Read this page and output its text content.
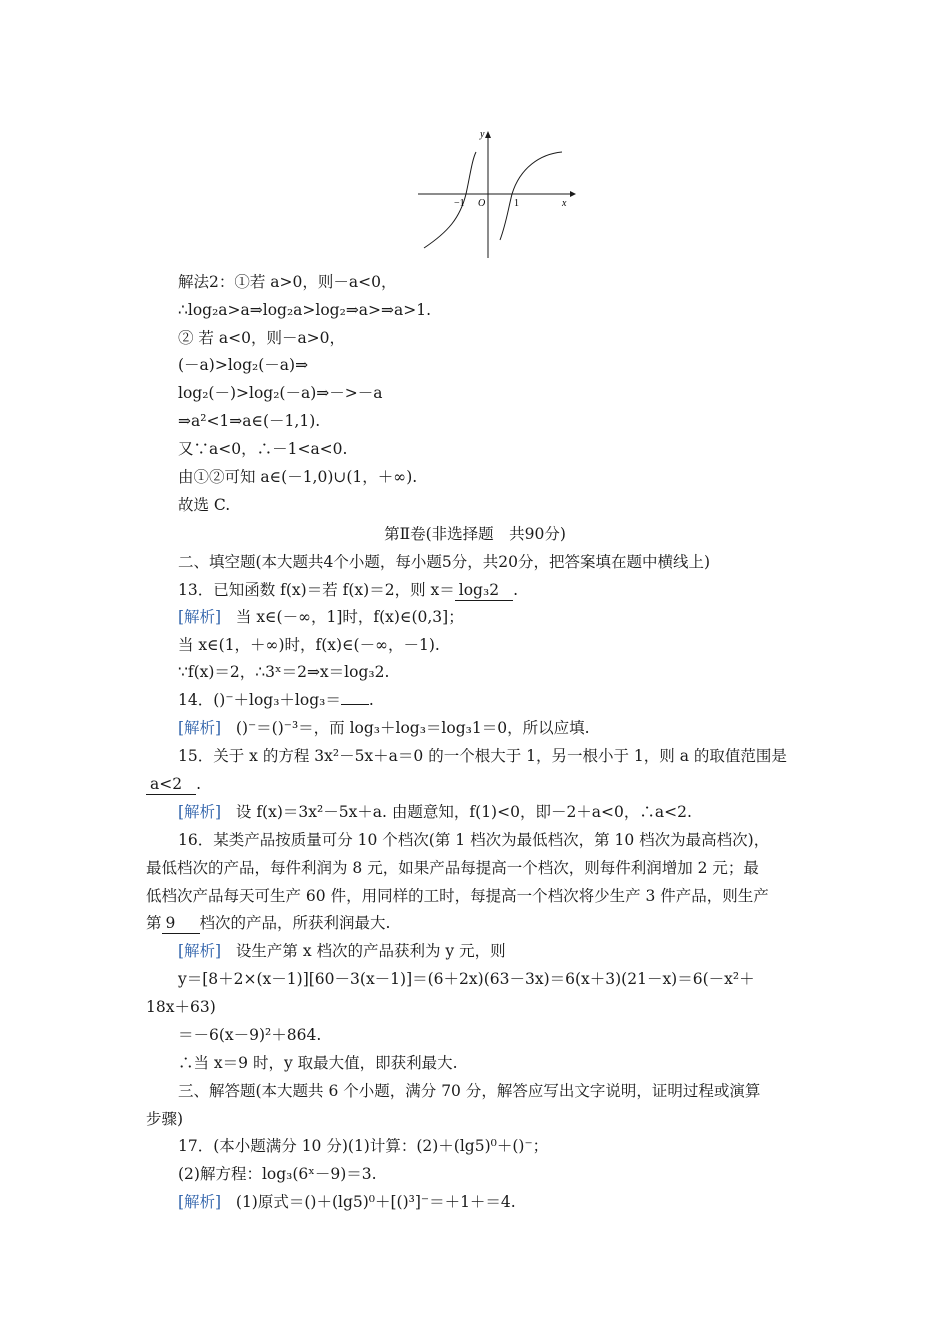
y
x
−1 O	1
解法2：①若 a>0，则－a<0，
∴log₂a>a⇒log₂a>log₂⇒a>⇒a>1.
② 若 a<0，则－a>0，
(－a)>log₂(－a)⇒
log₂(－)>log₂(－a)⇒－>－a
⇒a²<1⇒a∈(－1,1).
又∵a<0，∴－1<a<0.
由①②可知 a∈(－1,0)∪(1，＋∞).
故选 C.
第Ⅱ卷(非选择题　共90分)
二、填空题(本大题共4个小题，每小题5分，共20分，把答案填在题中横线上)
13．已知函数 f(x)＝若 f(x)＝2，则 x＝ log₃2 .
[解析] 当 x∈(－∞，1]时，f(x)∈(0,3]；
当 x∈(1，＋∞)时，f(x)∈(－∞，－1).
∵f(x)＝2，∴3ˣ＝2⇒x＝log₃2.
14．()⁻＋log₃＋log₃＝ .
[解析] ()⁻＝()⁻³＝，而 log₃＋log₃＝log₃1＝0，所以应填.
15．关于 x 的方程 3x²－5x＋a＝0 的一个根大于 1，另一根小于 1，则 a 的取值范围是
a<2 .
[解析] 设 f(x)＝3x²－5x＋a. 由题意知，f(1)<0，即－2＋a<0，∴a<2.
16．某类产品按质量可分 10 个档次(第 1 档次为最低档次，第 10 档次为最高档次)，
最低档次的产品，每件利润为 8 元，如果产品每提高一个档次，则每件利润增加 2 元；最
低档次产品每天可生产 60 件，用同样的工时，每提高一个档次将少生产 3 件产品，则生产
第 9 档次的产品，所获利润最大.
[解析] 设生产第 x 档次的产品获利为 y 元，则
y＝[8＋2×(x－1)][60－3(x－1)]＝(6＋2x)(63－3x)＝6(x＋3)(21－x)＝6(－x²＋
18x＋63)
＝－6(x－9)²＋864.
∴当 x＝9 时，y 取最大值，即获利最大.
三、解答题(本大题共 6 个小题，满分 70 分，解答应写出文字说明，证明过程或演算
步骤)
17．(本小题满分 10 分)(1)计算：(2)＋(lg5)⁰＋()⁻；
(2)解方程：log₃(6ˣ－9)＝3.
[解析] (1)原式＝()＋(lg5)⁰＋[()³]⁻＝＋1＋＝4.
